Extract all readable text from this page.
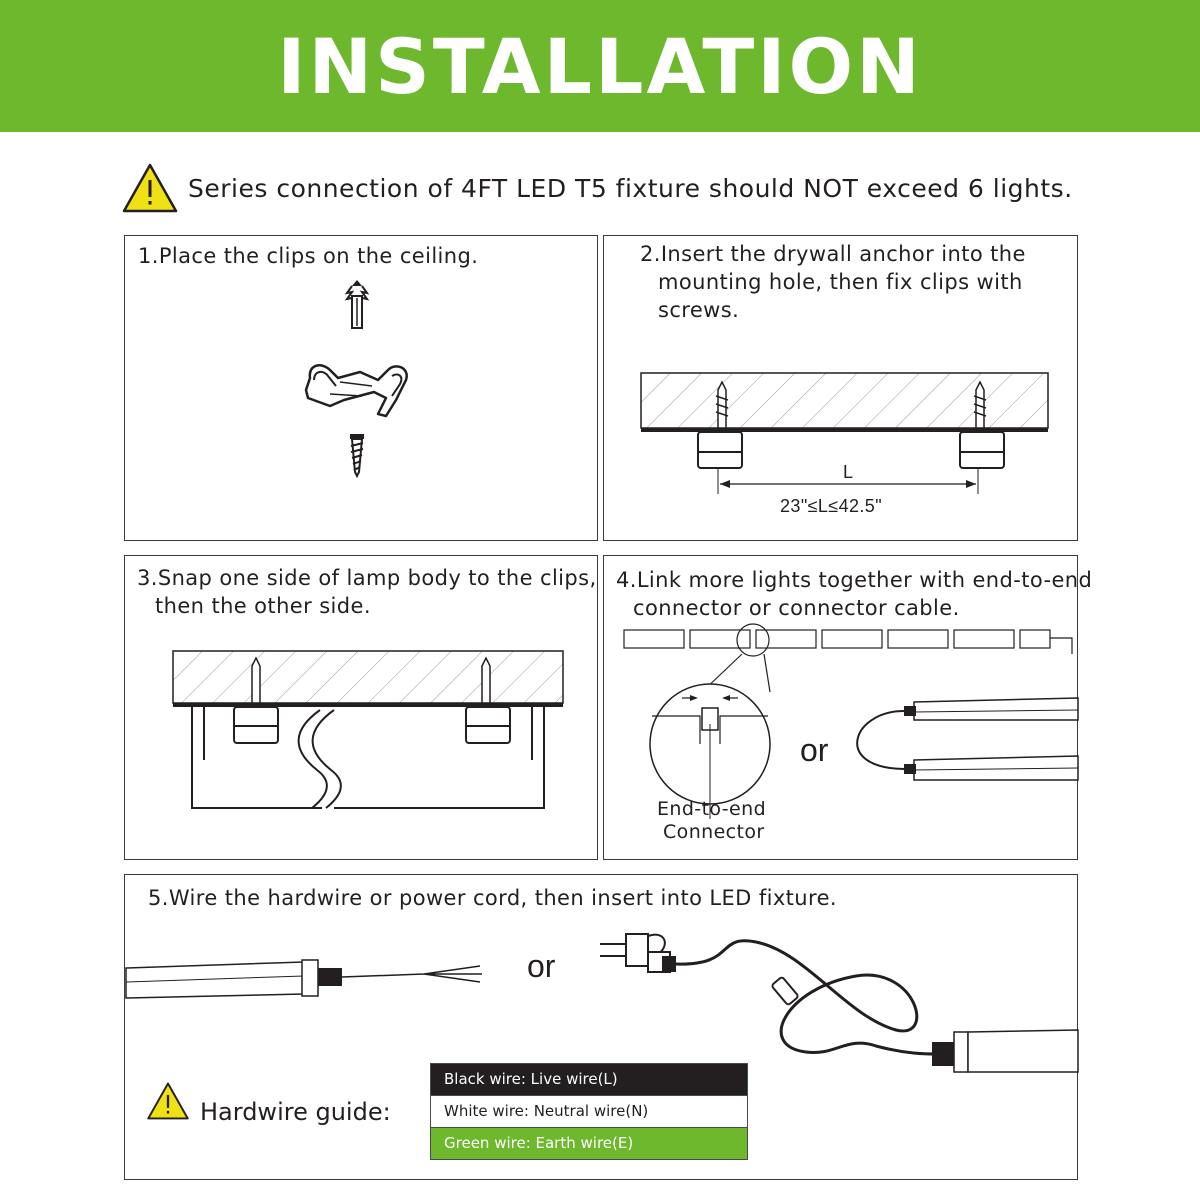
INSTALLATION
Series connection of 4FT LED T5 fixture should NOT exceed 6 lights.
1.Place the clips on the ceiling.	2.Insert the drywall anchor into the
mounting hole, then fix clips with
screws.
L
23"≤L≤42.5"
3.Snap one side of lamp body to the clips,
then the other side.
4.Link more lights together with end-to-end
connector or connector cable.
or
End-to-end
Connector
5.Wire the hardwire or power cord, then insert into LED fixture.
or
Hardwire guide:
Black wire: Live wire(L)
White wire: Neutral wire(N)
Green wire: Earth wire(E)
